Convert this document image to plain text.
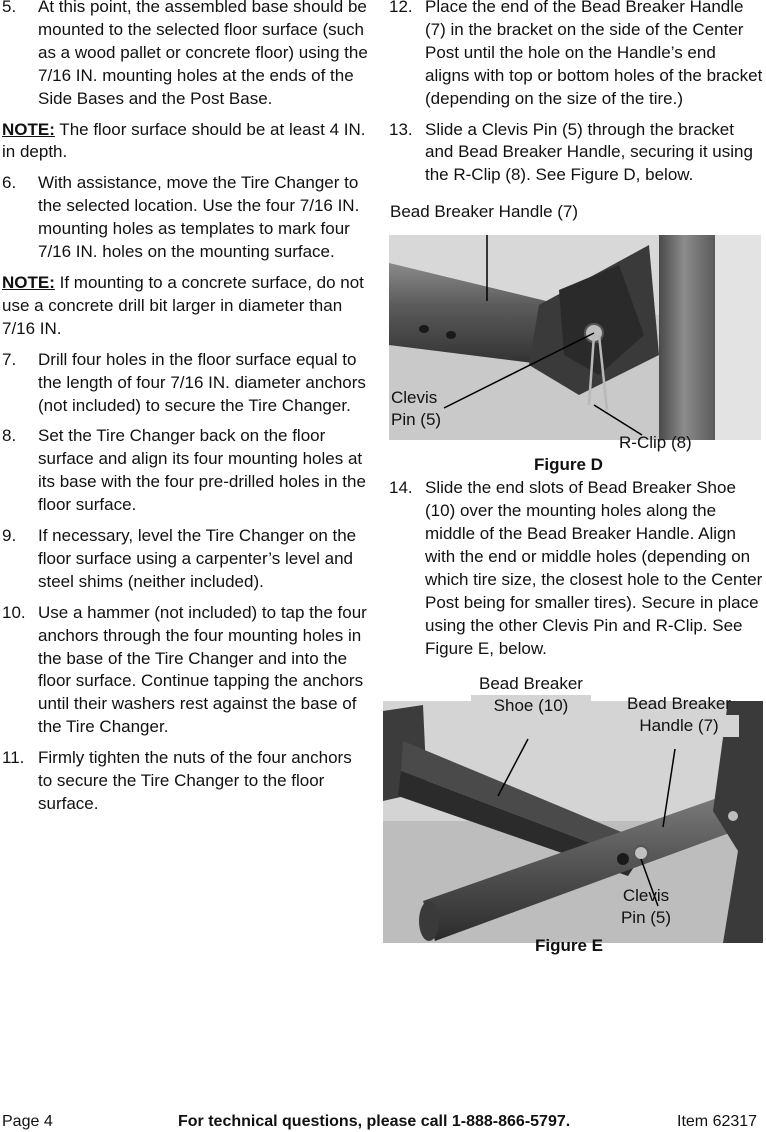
5. At this point, the assembled base should be mounted to the selected floor surface (such as a wood pallet or concrete floor) using the 7/16 IN. mounting holes at the ends of the Side Bases and the Post Base.
NOTE: The floor surface should be at least 4 IN. in depth.
6. With assistance, move the Tire Changer to the selected location. Use the four 7/16 IN. mounting holes as templates to mark four 7/16 IN. holes on the mounting surface.
NOTE: If mounting to a concrete surface, do not use a concrete drill bit larger in diameter than 7/16 IN.
7. Drill four holes in the floor surface equal to the length of four 7/16 IN. diameter anchors (not included) to secure the Tire Changer.
8. Set the Tire Changer back on the floor surface and align its four mounting holes at its base with the four pre-drilled holes in the floor surface.
9. If necessary, level the Tire Changer on the floor surface using a carpenter’s level and steel shims (neither included).
10. Use a hammer (not included) to tap the four anchors through the four mounting holes in the base of the Tire Changer and into the floor surface. Continue tapping the anchors until their washers rest against the base of the Tire Changer.
11. Firmly tighten the nuts of the four anchors to secure the Tire Changer to the floor surface.
12. Place the end of the Bead Breaker Handle (7) in the bracket on the side of the Center Post until the hole on the Handle’s end aligns with top or bottom holes of the bracket (depending on the size of the tire.)
13. Slide a Clevis Pin (5) through the bracket and Bead Breaker Handle, securing it using the R-Clip (8). See Figure D, below.
Bead Breaker Handle (7)
Clevis
Pin (5)
R-Clip (8)
Figure D
14. Slide the end slots of Bead Breaker Shoe (10) over the mounting holes along the middle of the Bead Breaker Handle. Align with the end or middle holes (depending on which tire size, the closest hole to the Center Post being for smaller tires). Secure in place using the other Clevis Pin and R-Clip. See Figure E, below.
Bead Breaker
Shoe (10)	Bead Breaker
Handle (7)
Clevis
Pin (5)
Figure E
Page 4	For technical questions, please call 1-888-866-5797.	Item 62317
